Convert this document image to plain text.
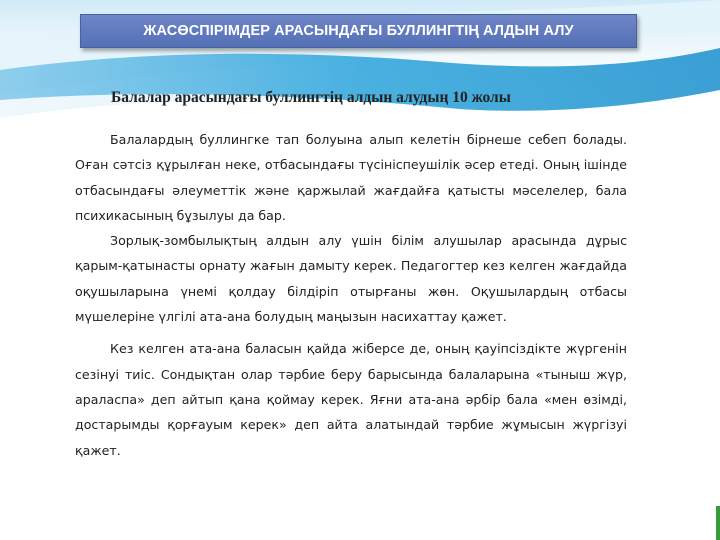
ЖАСӨСПІРІМДЕР АРАСЫНДАҒЫ БУЛЛИНГТІҢ АЛДЫН АЛУ
Балалар арасындағы буллингтің алдын алудың 10 жолы

Балалардың буллингке тап болуына алып келетін бірнеше себеп болады. Оған сәтсіз құрылған неке, отбасындағы түсініспеушілік әсер етеді. Оның ішінде отбасындағы әлеуметтік және қаржылай жағдайға қатысты мәселелер, бала психикасының бұзылуы да бар.

Зорлық-зомбылықтың алдын алу үшін білім алушылар арасында дұрыс қарым-қатынасты орнату жағын дамыту керек. Педагогтер кез келген жағдайда оқушыларына үнемі қолдау білдіріп отырғаны жөн. Оқушылардың отбасы мүшелеріне үлгілі ата-ана болудың маңызын насихаттау қажет.

Кез келген ата-ана баласын қайда жіберсе де, оның қауіпсіздікте жүргенін сезінуі тиіс. Сондықтан олар тәрбие беру барысында балаларына «тыныш жүр, араласпа» деп айтып қана қоймау керек. Яғни ата-ана әрбір бала «мен өзімді, достарымды қорғауым керек» деп айта алатындай тәрбие жұмысын жүргізуі қажет.
